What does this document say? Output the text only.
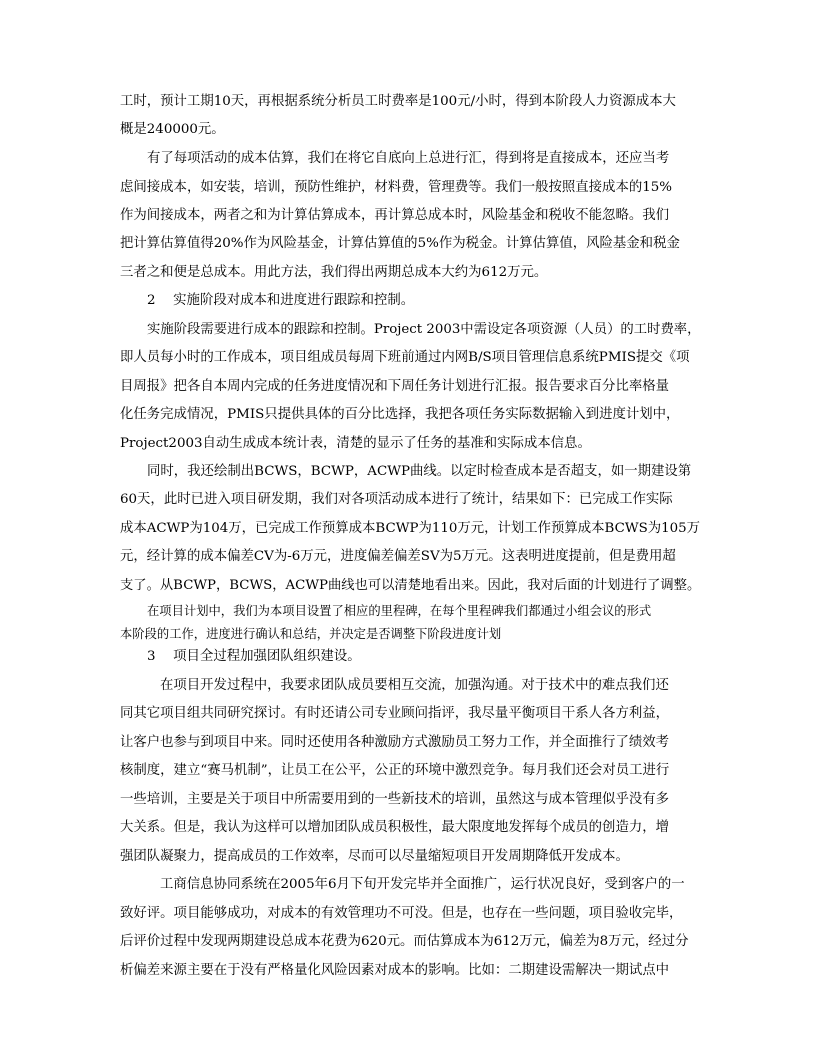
工时，预计工期10天，再根据系统分析员工时费率是100元/小时，得到本阶段人力资源成本大
概是240000元。
有了每项活动的成本估算，我们在将它自底向上总进行汇，得到将是直接成本，还应当考
虑间接成本，如安装，培训，预防性维护，材料费，管理费等。我们一般按照直接成本的15%
作为间接成本，两者之和为计算估算成本，再计算总成本时，风险基金和税收不能忽略。我们
把计算估算值得20%作为风险基金，计算估算值的5%作为税金。计算估算值，风险基金和税金
三者之和便是总成本。用此方法，我们得出两期总成本大约为612万元。
2　 实施阶段对成本和进度进行跟踪和控制。
实施阶段需要进行成本的跟踪和控制。Project 2003中需设定各项资源（人员）的工时费率，
即人员每小时的工作成本，项目组成员每周下班前通过内网B/S项目管理信息系统PMIS提交《项
目周报》把各自本周内完成的任务进度情况和下周任务计划进行汇报。报告要求百分比率格量
化任务完成情况，PMIS只提供具体的百分比选择，我把各项任务实际数据输入到进度计划中，
Project2003自动生成成本统计表，清楚的显示了任务的基准和实际成本信息。
同时，我还绘制出BCWS，BCWP，ACWP曲线。以定时检查成本是否超支，如一期建设第
60天，此时已进入项目研发期，我们对各项活动成本进行了统计，结果如下：已完成工作实际
成本ACWP为104万，已完成工作预算成本BCWP为110万元，计划工作预算成本BCWS为105万
元，经计算的成本偏差CV为-6万元，进度偏差偏差SV为5万元。这表明进度提前，但是费用超
支了。从BCWP，BCWS，ACWP曲线也可以清楚地看出来。因此，我对后面的计划进行了调整。
在项目计划中，我们为本项目设置了相应的里程碑，在每个里程碑我们都通过小组会议的形式
本阶段的工作，进度进行确认和总结，并决定是否调整下阶段进度计划
3　 项目全过程加强团队组织建设。
在项目开发过程中，我要求团队成员要相互交流，加强沟通。对于技术中的难点我们还
同其它项目组共同研究探讨。有时还请公司专业顾问指评，我尽量平衡项目干系人各方利益，
让客户也参与到项目中来。同时还使用各种激励方式激励员工努力工作，并全面推行了绩效考
核制度，建立“赛马机制”，让员工在公平，公正的环境中激烈竞争。每月我们还会对员工进行
一些培训，主要是关于项目中所需要用到的一些新技术的培训，虽然这与成本管理似乎没有多
大关系。但是，我认为这样可以增加团队成员积极性，最大限度地发挥每个成员的创造力，增
强团队凝聚力，提高成员的工作效率，尽而可以尽量缩短项目开发周期降低开发成本。
工商信息协同系统在2005年6月下旬开发完毕并全面推广，运行状况良好，受到客户的一
致好评。项目能够成功，对成本的有效管理功不可没。但是，也存在一些问题，项目验收完毕，
后评价过程中发现两期建设总成本花费为620元。而估算成本为612万元，偏差为8万元，经过分
析偏差来源主要在于没有严格量化风险因素对成本的影响。比如：二期建设需解决一期试点中
